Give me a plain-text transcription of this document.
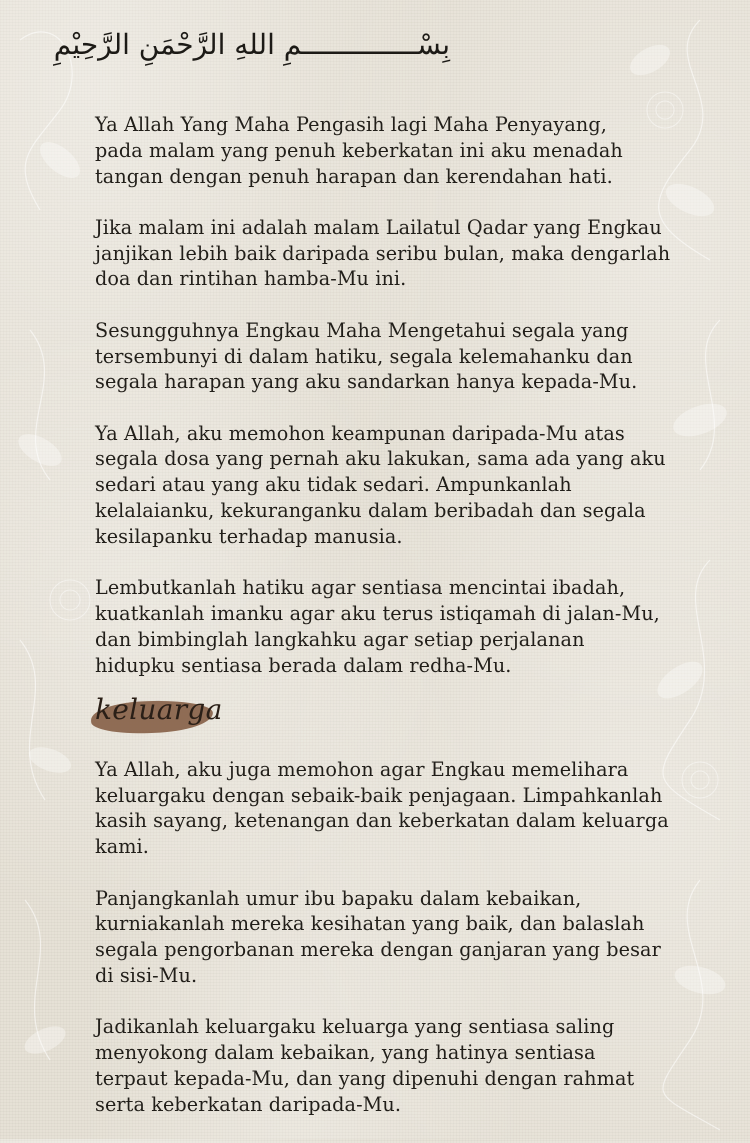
بِسْــــــــــــــمِ اللهِ الرَّحْمَنِ الرَّحِيْمِ
Ya Allah Yang Maha Pengasih lagi Maha Penyayang,
pada malam yang penuh keberkatan ini aku menadah
tangan dengan penuh harapan dan kerendahan hati.
Jika malam ini adalah malam Lailatul Qadar yang Engkau
janjikan lebih baik daripada seribu bulan, maka dengarlah
doa dan rintihan hamba-Mu ini.
Sesungguhnya Engkau Maha Mengetahui segala yang
tersembunyi di dalam hatiku, segala kelemahanku dan
segala harapan yang aku sandarkan hanya kepada-Mu.
Ya Allah, aku memohon keampunan daripada-Mu atas
segala dosa yang pernah aku lakukan, sama ada yang aku
sedari atau yang aku tidak sedari. Ampunkanlah
kelalaianku, kekuranganku dalam beribadah dan segala
kesilapanku terhadap manusia.
Lembutkanlah hatiku agar sentiasa mencintai ibadah,
kuatkanlah imanku agar aku terus istiqamah di jalan-Mu,
dan bimbinglah langkahku agar setiap perjalanan
hidupku sentiasa berada dalam redha-Mu.
keluarga
Ya Allah, aku juga memohon agar Engkau memelihara
keluargaku dengan sebaik-baik penjagaan. Limpahkanlah
kasih sayang, ketenangan dan keberkatan dalam keluarga
kami.
Panjangkanlah umur ibu bapaku dalam kebaikan,
kurniakanlah mereka kesihatan yang baik, dan balaslah
segala pengorbanan mereka dengan ganjaran yang besar
di sisi-Mu.
Jadikanlah keluargaku keluarga yang sentiasa saling
menyokong dalam kebaikan, yang hatinya sentiasa
terpaut kepada-Mu, dan yang dipenuhi dengan rahmat
serta keberkatan daripada-Mu.
